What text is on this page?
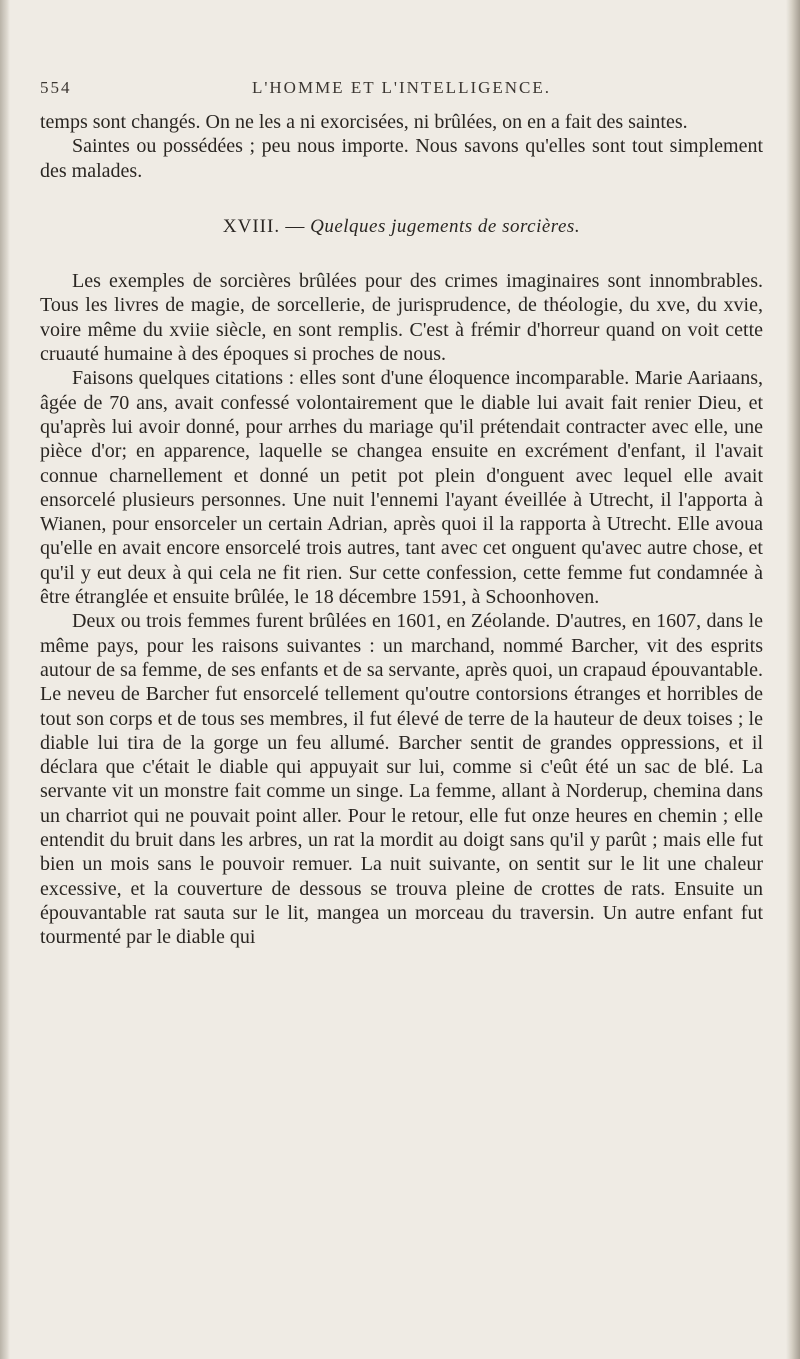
554	L'HOMME ET L'INTELLIGENCE.

temps sont changés. On ne les a ni exorcisées, ni brûlées, on en a fait des saintes.

Saintes ou possédées ; peu nous importe. Nous savons qu'elles sont tout simplement des malades.

XVIII. — Quelques jugements de sorcières.

Les exemples de sorcières brûlées pour des crimes imaginaires sont innombrables. Tous les livres de magie, de sorcellerie, de jurisprudence, de théologie, du xve, du xvie, voire même du xviie siècle, en sont remplis. C'est à frémir d'horreur quand on voit cette cruauté humaine à des époques si proches de nous.

Faisons quelques citations : elles sont d'une éloquence incomparable. Marie Aariaans, âgée de 70 ans, avait confessé volontairement que le diable lui avait fait renier Dieu, et qu'après lui avoir donné, pour arrhes du mariage qu'il prétendait contracter avec elle, une pièce d'or; en apparence, laquelle se changea ensuite en excrément d'enfant, il l'avait connue charnellement et donné un petit pot plein d'onguent avec lequel elle avait ensorcelé plusieurs personnes. Une nuit l'ennemi l'ayant éveillée à Utrecht, il l'apporta à Wianen, pour ensorceler un certain Adrian, après quoi il la rapporta à Utrecht. Elle avoua qu'elle en avait encore ensorcelé trois autres, tant avec cet onguent qu'avec autre chose, et qu'il y eut deux à qui cela ne fit rien. Sur cette confession, cette femme fut condamnée à être étranglée et ensuite brûlée, le 18 décembre 1591, à Schoonhoven.

Deux ou trois femmes furent brûlées en 1601, en Zéolande. D'autres, en 1607, dans le même pays, pour les raisons suivantes : un marchand, nommé Barcher, vit des esprits autour de sa femme, de ses enfants et de sa servante, après quoi, un crapaud épouvantable. Le neveu de Barcher fut ensorcelé tellement qu'outre contorsions étranges et horribles de tout son corps et de tous ses membres, il fut élevé de terre de la hauteur de deux toises ; le diable lui tira de la gorge un feu allumé. Barcher sentit de grandes oppressions, et il déclara que c'était le diable qui appuyait sur lui, comme si c'eût été un sac de blé. La servante vit un monstre fait comme un singe. La femme, allant à Norderup, chemina dans un charriot qui ne pouvait point aller. Pour le retour, elle fut onze heures en chemin ; elle entendit du bruit dans les arbres, un rat la mordit au doigt sans qu'il y parût ; mais elle fut bien un mois sans le pouvoir remuer. La nuit suivante, on sentit sur le lit une chaleur excessive, et la couverture de dessous se trouva pleine de crottes de rats. Ensuite un épouvantable rat sauta sur le lit, mangea un morceau du traversin. Un autre enfant fut tourmenté par le diable qui
